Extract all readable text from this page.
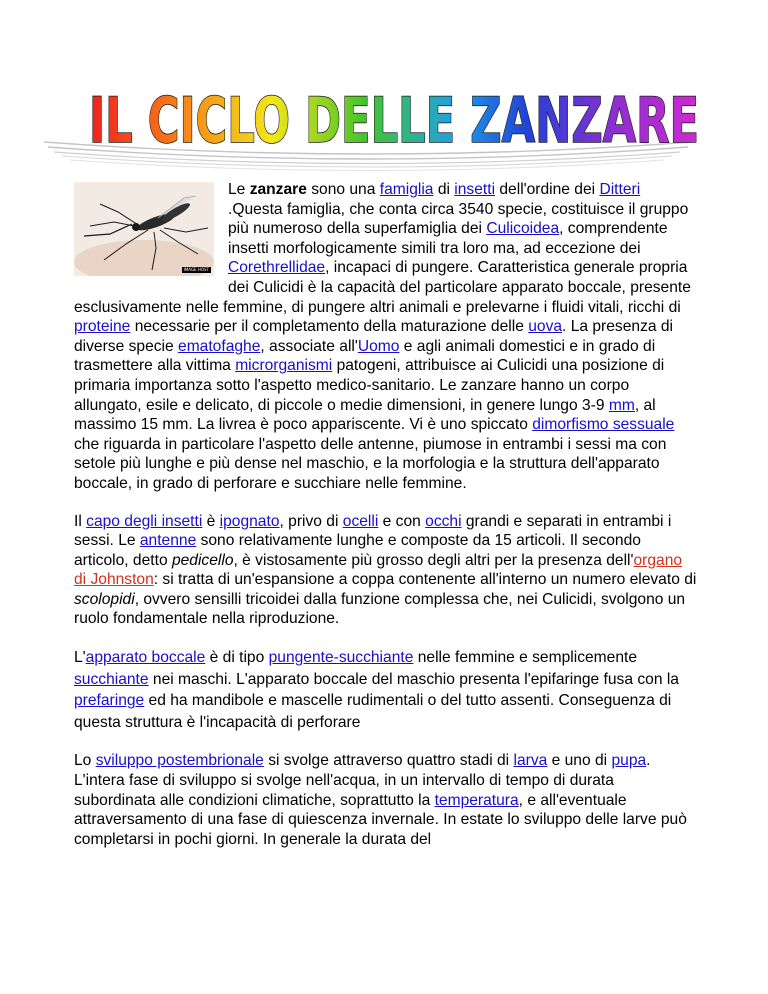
IL CICLO DELLE ZANZARE

IMAGE HOST
Le zanzare sono una famiglia di insetti dell'ordine dei Ditteri .Questa famiglia, che conta circa 3540 specie, costituisce il gruppo più numeroso della superfamiglia dei Culicoidea, comprendente insetti morfologicamente simili tra loro ma, ad eccezione dei Corethrellidae, incapaci di pungere. Caratteristica generale propria dei Culicidi è la capacità del particolare apparato boccale, presente esclusivamente nelle femmine, di pungere altri animali e prelevarne i fluidi vitali, ricchi di proteine necessarie per il completamento della maturazione delle uova. La presenza di diverse specie ematofaghe, associate all'Uomo e agli animali domestici e in grado di trasmettere alla vittima microrganismi patogeni, attribuisce ai Culicidi una posizione di primaria importanza sotto l'aspetto medico-sanitario. Le zanzare hanno un corpo allungato, esile e delicato, di piccole o medie dimensioni, in genere lungo 3-9 mm, al massimo 15 mm. La livrea è poco appariscente. Vi è uno spiccato dimorfismo sessuale che riguarda in particolare l'aspetto delle antenne, piumose in entrambi i sessi ma con setole più lunghe e più dense nel maschio, e la morfologia e la struttura dell'apparato boccale, in grado di perforare e succhiare nelle femmine.

Il capo degli insetti è ipognato, privo di ocelli e con occhi grandi e separati in entrambi i sessi. Le antenne sono relativamente lunghe e composte da 15 articoli. Il secondo articolo, detto pedicello, è vistosamente più grosso degli altri per la presenza dell'organo di Johnston: si tratta di un'espansione a coppa contenente all'interno un numero elevato di scolopidi, ovvero sensilli tricoidei dalla funzione complessa che, nei Culicidi, svolgono un ruolo fondamentale nella riproduzione.

L'apparato boccale è di tipo pungente-succhiante nelle femmine e semplicemente succhiante nei maschi. L'apparato boccale del maschio presenta l'epifaringe fusa con la prefaringe ed ha mandibole e mascelle rudimentali o del tutto assenti. Conseguenza di questa struttura è l'incapacità di perforare

Lo sviluppo postembrionale si svolge attraverso quattro stadi di larva e uno di pupa. L'intera fase di sviluppo si svolge nell'acqua, in un intervallo di tempo di durata subordinata alle condizioni climatiche, soprattutto la temperatura, e all'eventuale attraversamento di una fase di quiescenza invernale. In estate lo sviluppo delle larve può completarsi in pochi giorni. In generale la durata del
